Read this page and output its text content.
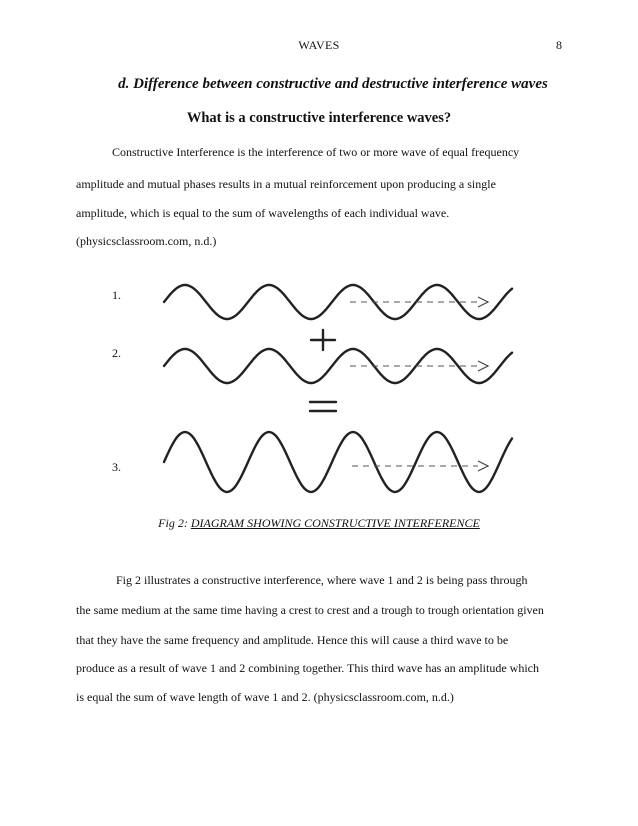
WAVES	8
d. Difference between constructive and destructive interference waves
What is a constructive interference waves?
Constructive Interference is the interference of two or more wave of equal frequency
amplitude and mutual phases results in a mutual reinforcement upon producing a single
amplitude, which is equal to the sum of wavelengths of each individual wave.
(physicsclassroom.com, n.d.)
1.
2.
3.
Fig 2: DIAGRAM SHOWING CONSTRUCTIVE INTERFERENCE
Fig 2 illustrates a constructive interference, where wave 1 and 2 is being pass through
the same medium at the same time having a crest to crest and a trough to trough orientation given
that they have the same frequency and amplitude. Hence this will cause a third wave to be
produce as a result of wave 1 and 2 combining together. This third wave has an amplitude which
is equal the sum of wave length of wave 1 and 2. (physicsclassroom.com, n.d.)
